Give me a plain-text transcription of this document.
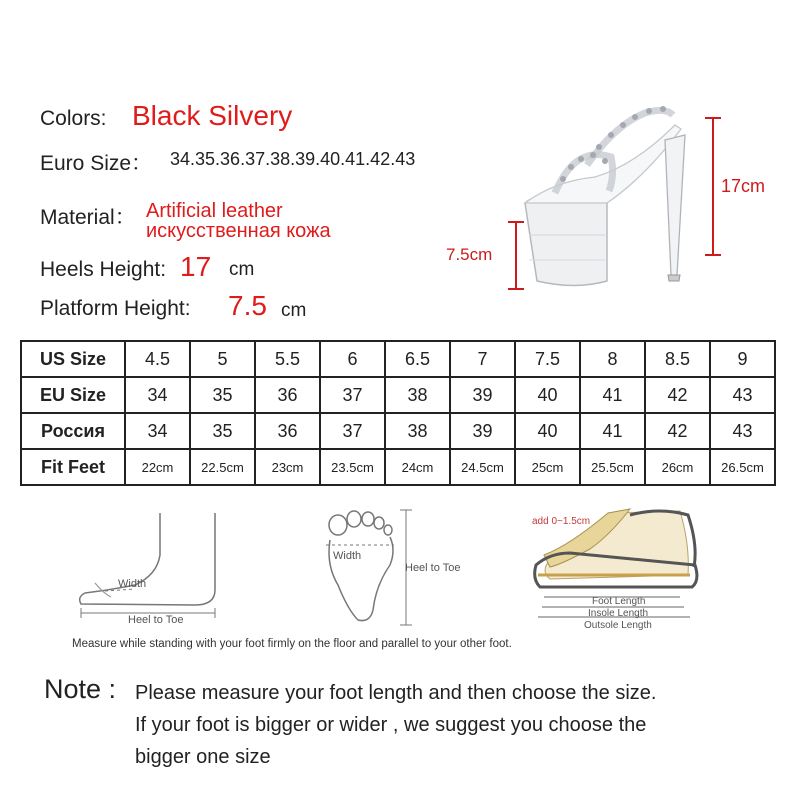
Colors: Black Silvery
Euro Size： 34.35.36.37.38.39.40.41.42.43
Material： Artificial leather
искусственная кожа
Heels Height: 17 cm
Platform Height: 7.5 cm
17cm
7.5cm
US Size	4.5	5	5.5	6	6.5	7	7.5	8	8.5	9
EU Size	34	35	36	37	38	39	40	41	42	43
Россия	34	35	36	37	38	39	40	41	42	43
Fit Feet	22cm	22.5cm	23cm	23.5cm	24cm	24.5cm	25cm	25.5cm	26cm	26.5cm
Width
Heel to Toe
Width
Heel to Toe
add 0~1.5cm
Foot Length
Insole Length
Outsole Length
Measure while standing with your foot firmly on the floor and parallel to your other foot.
Note : Please measure your foot length and then choose the size.
If your foot is bigger or wider , we suggest you choose the
bigger one size
